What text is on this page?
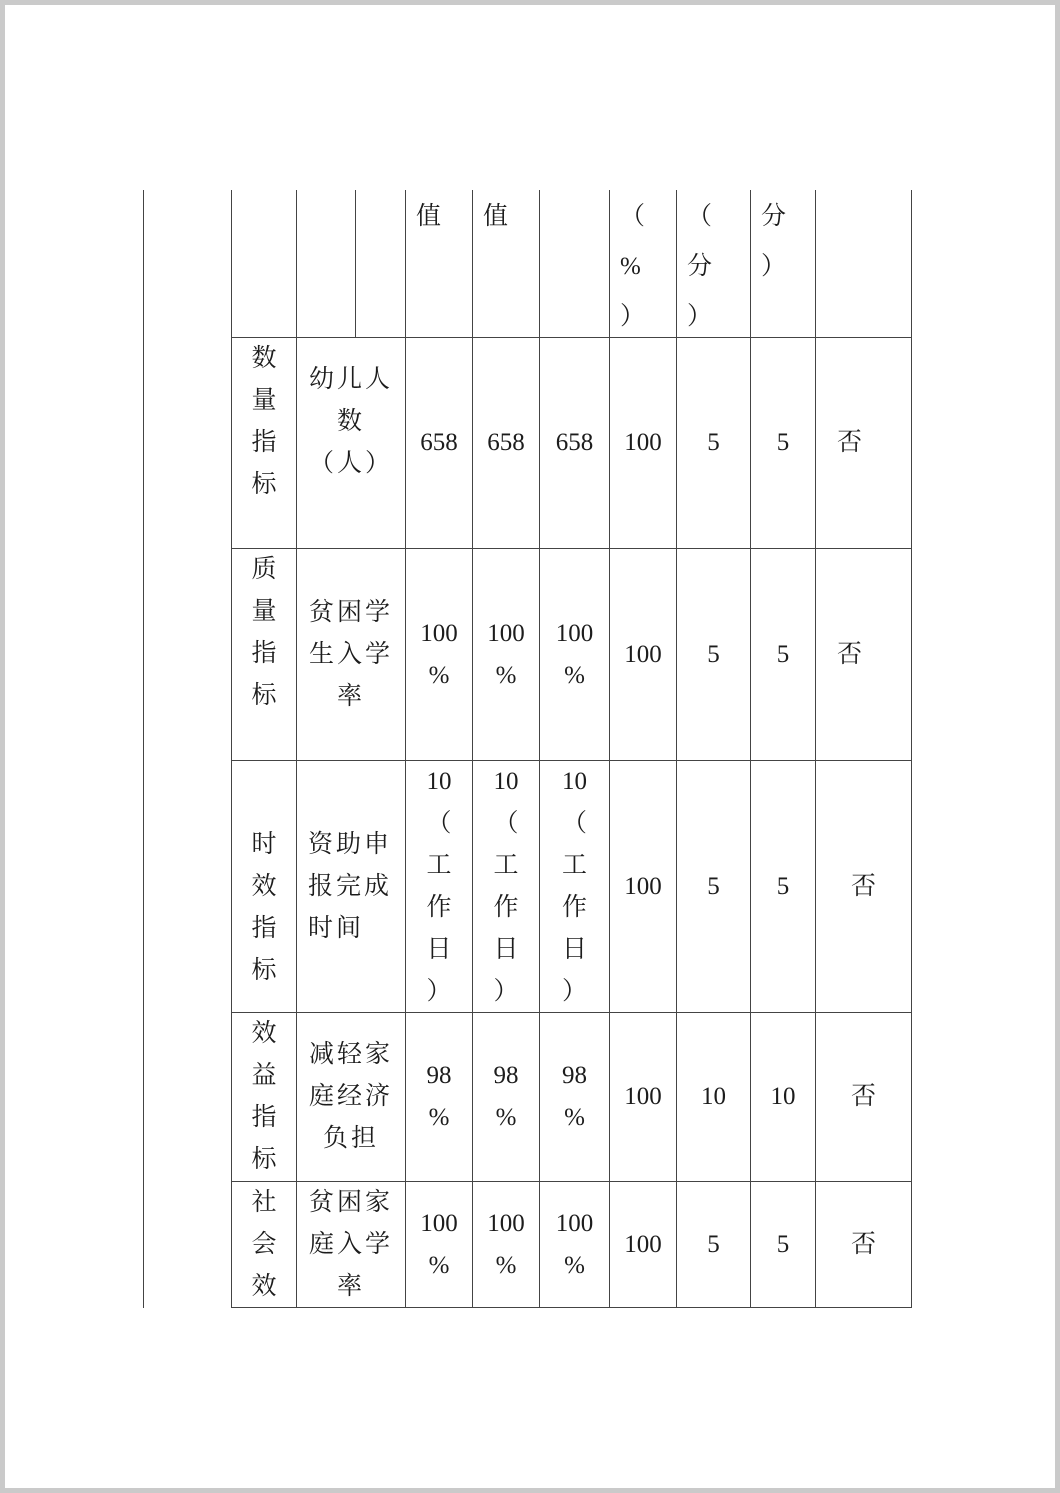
值 值	（%）
（分）
分）
数量指标
幼儿人数（人）
658 658 658 100 5 5 否
质量指标
贫困学生入学率
100%
100%
100%
100 5 5 否
时效指标
资助申报完成时间
10（工作日）
10（工作日）
10（工作日）
100 5 5 否
效益指标
减轻家庭经济负担
98%
98%
98%
100 10 10 否
社会效
贫困家庭入学率
100%
100%
100%
100 5 5 否
